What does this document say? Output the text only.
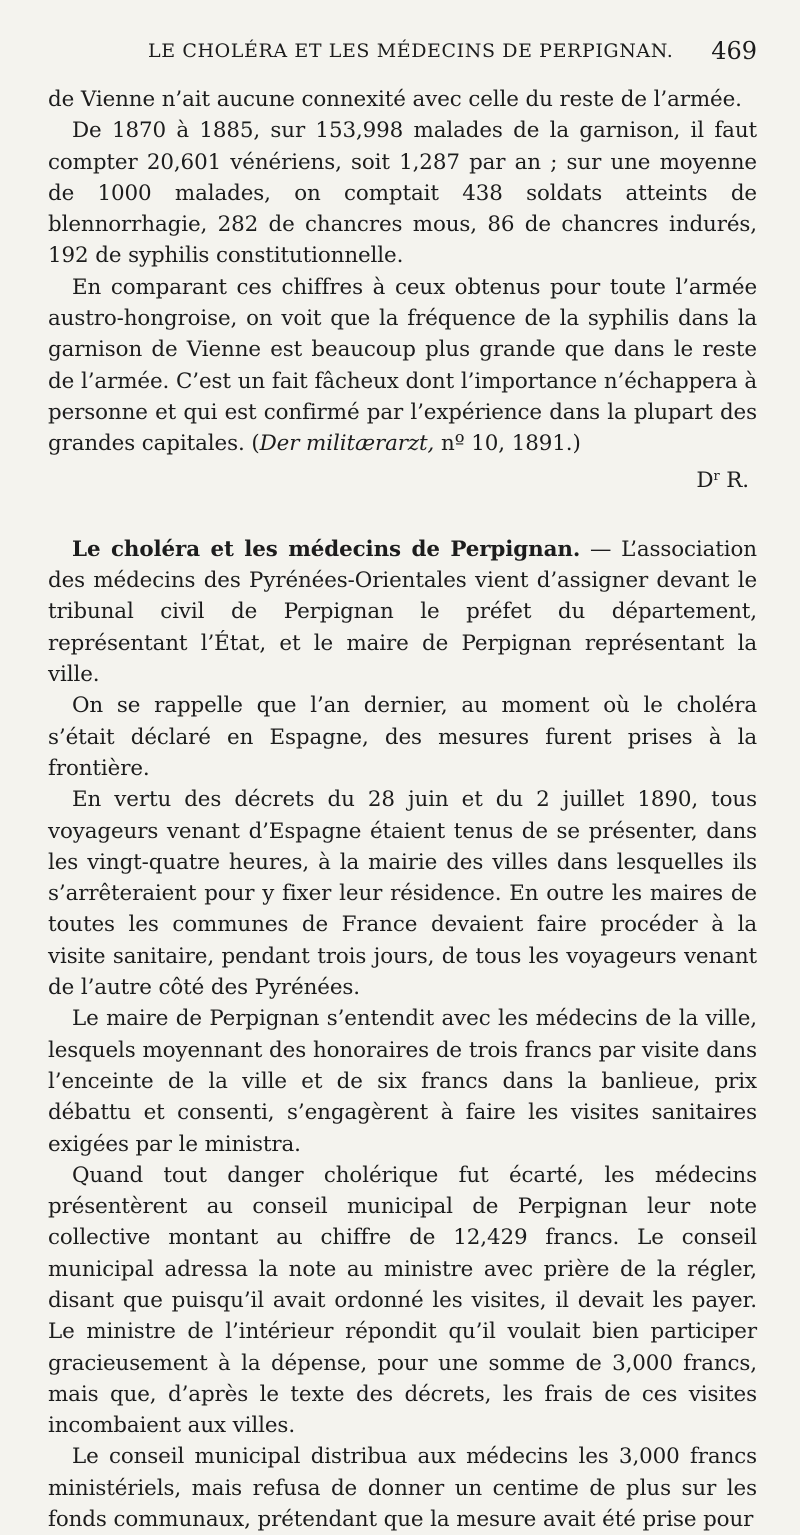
LE CHOLÉRA ET LES MÉDECINS DE PERPIGNAN. 469

de Vienne n’ait aucune connexité avec celle du reste de l’armée.

De 1870 à 1885, sur 153,998 malades de la garnison, il faut compter 20,601 vénériens, soit 1,287 par an ; sur une moyenne de 1000 malades, on comptait 438 soldats atteints de blennorrhagie, 282 de chancres mous, 86 de chancres indurés, 192 de syphilis constitutionnelle.

En comparant ces chiffres à ceux obtenus pour toute l’armée austro-hongroise, on voit que la fréquence de la syphilis dans la garnison de Vienne est beaucoup plus grande que dans le reste de l’armée. C’est un fait fâcheux dont l’importance n’échappera à personne et qui est confirmé par l’expérience dans la plupart des grandes capitales. (Der militærarzt, nº 10, 1891.)

$D^r$ R.

Le choléra et les médecins de Perpignan. — L’association des médecins des Pyrénées-Orientales vient d’assigner devant le tribunal civil de Perpignan le préfet du département, représentant l’État, et le maire de Perpignan représentant la ville.

On se rappelle que l’an dernier, au moment où le choléra s’était déclaré en Espagne, des mesures furent prises à la frontière.

En vertu des décrets du 28 juin et du 2 juillet 1890, tous voyageurs venant d’Espagne étaient tenus de se présenter, dans les vingt-quatre heures, à la mairie des villes dans lesquelles ils s’arrêteraient pour y fixer leur résidence. En outre les maires de toutes les communes de France devaient faire procéder à la visite sanitaire, pendant trois jours, de tous les voyageurs venant de l’autre côté des Pyrénées.

Le maire de Perpignan s’entendit avec les médecins de la ville, lesquels moyennant des honoraires de trois francs par visite dans l’enceinte de la ville et de six francs dans la banlieue, prix débattu et consenti, s’engagèrent à faire les visites sanitaires exigées par le ministra.

Quand tout danger cholérique fut écarté, les médecins présentèrent au conseil municipal de Perpignan leur note collective montant au chiffre de 12,429 francs. Le conseil municipal adressa la note au ministre avec prière de la régler, disant que puisqu’il avait ordonné les visites, il devait les payer. Le ministre de l’intérieur répondit qu’il voulait bien participer gracieusement à la dépense, pour une somme de 3,000 francs, mais que, d’après le texte des décrets, les frais de ces visites incombaient aux villes.

Le conseil municipal distribua aux médecins les 3,000 francs ministériels, mais refusa de donner un centime de plus sur les fonds communaux, prétendant que la mesure avait été prise pour
